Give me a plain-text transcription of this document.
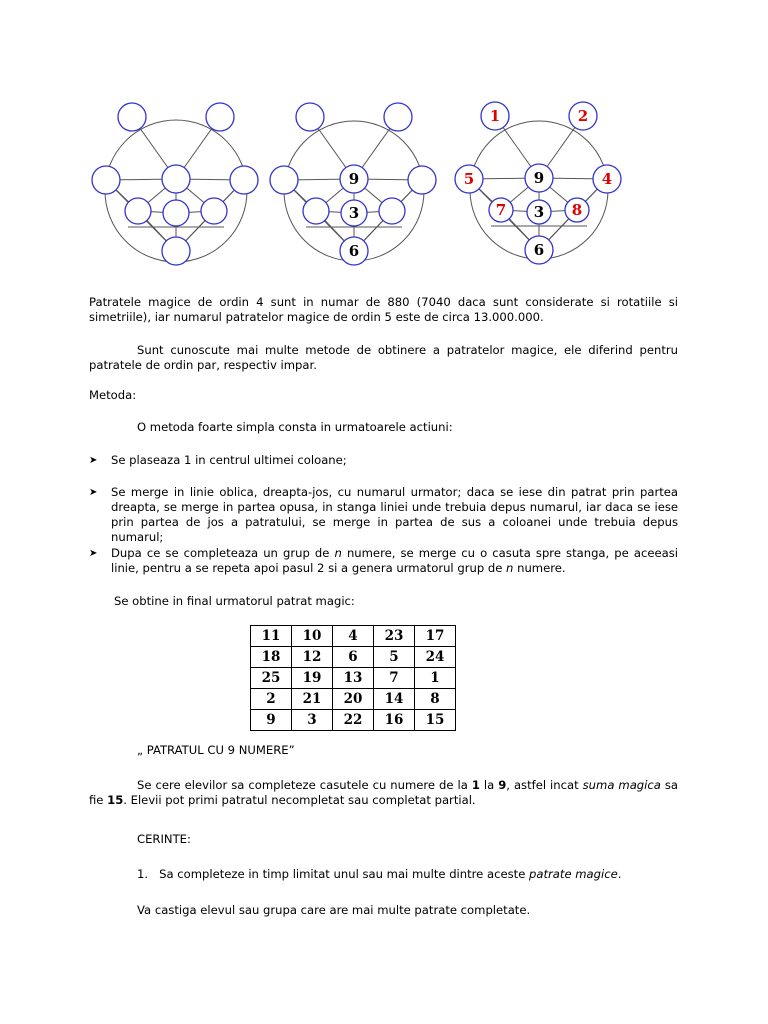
9
3
6
1	2
5	4
9
7 3 8
6

Patratele magice de ordin 4 sunt in numar de 880 (7040 daca sunt considerate si rotatiile si simetriile), iar numarul patratelor magice de ordin 5 este de circa 13.000.000.

Sunt cunoscute mai multe metode de obtinere a patratelor magice, ele diferind pentru patratele de ordin par, respectiv impar.

Metoda:

O metoda foarte simpla consta in urmatoarele actiuni:

➤ Se plaseaza 1 in centrul ultimei coloane;

➤ Se merge in linie oblica, dreapta-jos, cu numarul urmator; daca se iese din patrat prin partea dreapta, se merge in partea opusa, in stanga liniei unde trebuia depus numarul, iar daca se iese prin partea de jos a patratului, se merge in partea de sus a coloanei unde trebuia depus numarul;

➤ Dupa ce se completeaza un grup de n numere, se merge cu o casuta spre stanga, pe aceeasi linie, pentru a se repeta apoi pasul 2 si a genera urmatorul grup de n numere.

Se obtine in final urmatorul patrat magic:

11	10	4	23	17
18	12	6	5	24
25	19	13	7	1
2	21	20	14	8
9	3	22	16	15

„ PATRATUL CU 9 NUMERE”

Se cere elevilor sa completeze casutele cu numere de la 1 la 9, astfel incat suma magica sa fie 15. Elevii pot primi patratul necompletat sau completat partial.

CERINTE:

1. Sa completeze in timp limitat unul sau mai multe dintre aceste patrate magice.

Va castiga elevul sau grupa care are mai multe patrate completate.
